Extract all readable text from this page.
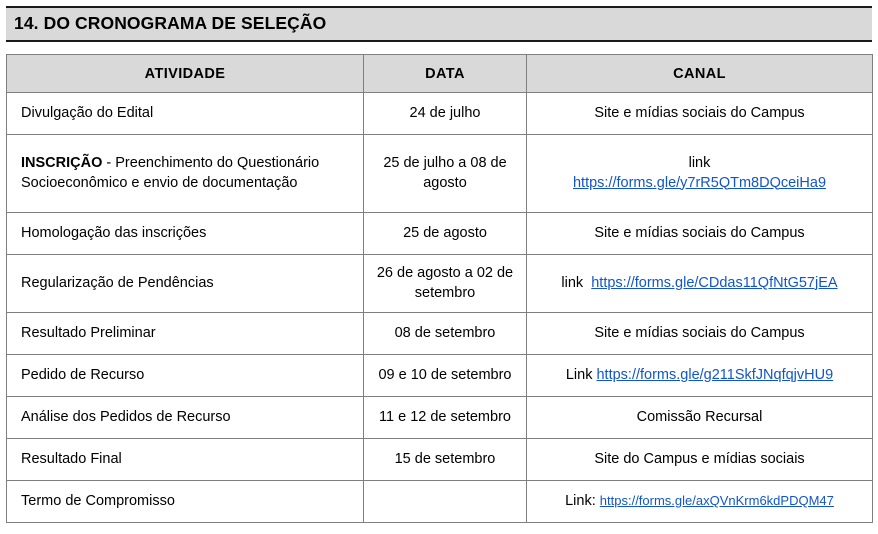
14. DO CRONOGRAMA DE SELEÇÃO
ATIVIDADE	DATA	CANAL
Divulgação do Edital	24 de julho	Site e mídias sociais do Campus
INSCRIÇÃO - Preenchimento do Questionário Socioeconômico e envio de documentação	25 de julho a 08 de agosto	link
https://forms.gle/y7rR5QTm8DQceiHa9
Homologação das inscrições	25 de agosto	Site e mídias sociais do Campus
Regularização de Pendências	26 de agosto a 02 de setembro	link https://forms.gle/CDdas11QfNtG57jEA
Resultado Preliminar	08 de setembro	Site e mídias sociais do Campus
Pedido de Recurso	09 e 10 de setembro	Link https://forms.gle/g211SkfJNqfqjvHU9
Análise dos Pedidos de Recurso	11 e 12 de setembro	Comissão Recursal
Resultado Final	15 de setembro	Site do Campus e mídias sociais
Termo de Compromisso		Link: https://forms.gle/axQVnKrm6kdPDQM47
